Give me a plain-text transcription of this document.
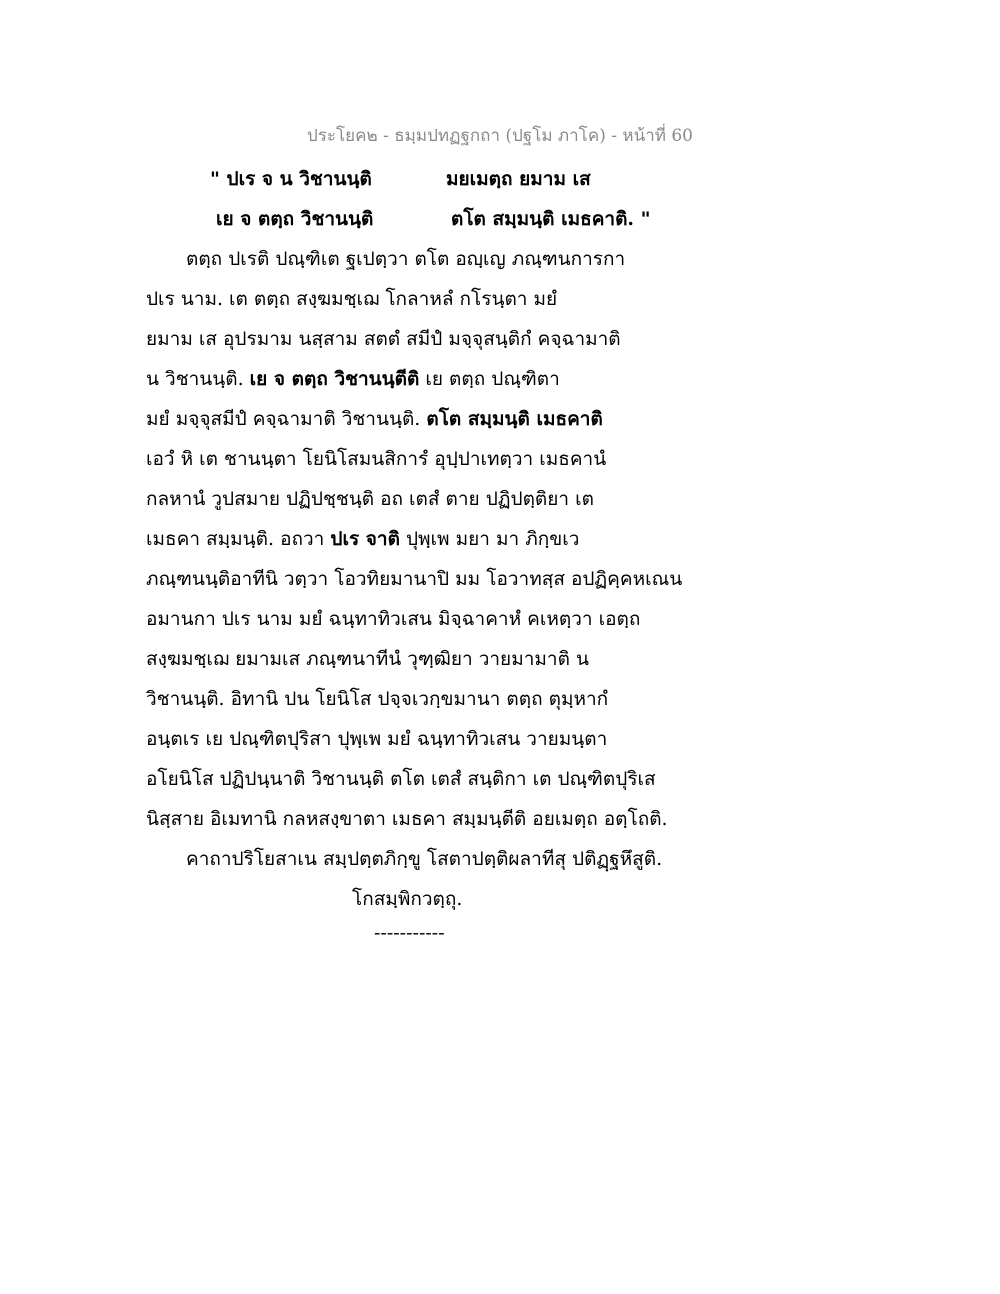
ประโยค๒ - ธมฺมปทฏฐกถา (ปฐโม ภาโค) - หน้าที่ 60
" ปเร จ น วิชานนฺติ	มยเมตฺถ ยมาม เส
เย จ ตตฺถ วิชานนฺติ	ตโต สมฺมนฺติ เมธคาติ. "
ตตฺถ ปเรติ ปณฺฑิเต ฐเปตฺวา ตโต อญฺเญ ภณฺฑนการกา
ปเร นาม. เต ตตฺถ สงฺฆมชฺเฌ โกลาหลํ กโรนฺตา มยํ
ยมาม เส อุปรมาม นสฺสาม สตตํ สมีปํ มจฺจุสนฺติกํ คจฺฉามาติ
น วิชานนฺติ. เย จ ตตฺถ วิชานนฺตีติ เย ตตฺถ ปณฺฑิตา
มยํ มจฺจุสมีปํ คจฺฉามาติ วิชานนฺติ. ตโต สมฺมนฺติ เมธคาติ
เอวํ หิ เต ชานนฺตา โยนิโสมนสิการํ อุปฺปาเทตฺวา เมธคานํ
กลหานํ วูปสมาย ปฏิปชฺชนฺติ อถ เตสํ ตาย ปฏิปตฺติยา เต
เมธคา สมฺมนฺติ. อถวา ปเร จาติ ปุพฺเพ มยา มา ภิกฺขเว
ภณฺฑนนฺติอาทีนิ วตฺวา โอวทิยมานาปิ มม โอวาทสฺส อปฏิคฺคหเณน
อมานกา ปเร นาม มยํ ฉนฺทาทิวเสน มิจฺฉาคาหํ คเหตฺวา เอตฺถ
สงฺฆมชฺเฌ ยมามเส ภณฺฑนาทีนํ วุฑฺฒิยา วายมามาติ น
วิชานนฺติ. อิทานิ ปน โยนิโส ปจฺจเวกฺขมานา ตตฺถ ตุมฺหากํ
อนฺตเร เย ปณฺฑิตปุริสา ปุพฺเพ มยํ ฉนฺทาทิวเสน วายมนฺตา
อโยนิโส ปฏิปนฺนาติ วิชานนฺติ ตโต เตสํ สนฺติกา เต ปณฺฑิตปุริเส
นิสฺสาย อิเมทานิ กลหสงฺขาตา เมธคา สมฺมนฺตีติ อยเมตฺถ อตฺโถติ.
คาถาปริโยสาเน สมฺปตฺตภิกฺขู โสตาปตฺติผลาทีสุ ปติฏฺฐหึสูติ.
โกสมฺพิกวตฺถุ.
-----------
